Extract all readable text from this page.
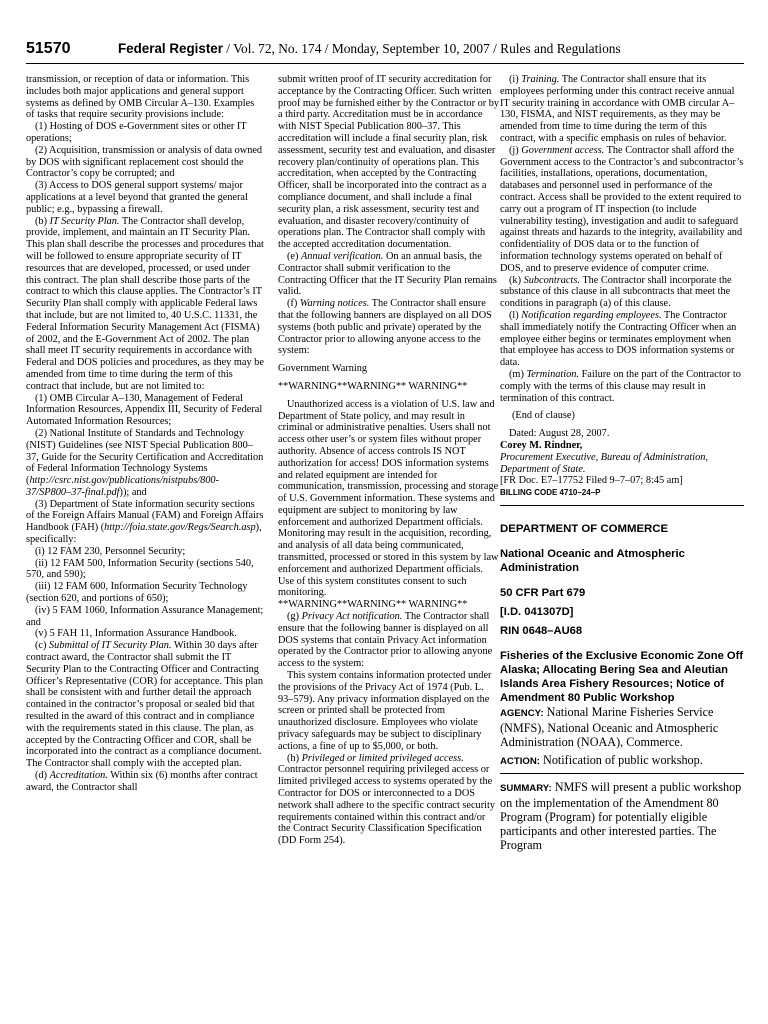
51570	Federal Register / Vol. 72, No. 174 / Monday, September 10, 2007 / Rules and Regulations

transmission, or reception of data or information. This includes both major applications and general support systems as defined by OMB Circular A–130. Examples of tasks that require security provisions include:

(1) Hosting of DOS e-Government sites or other IT operations;

(2) Acquisition, transmission or analysis of data owned by DOS with significant replacement cost should the Contractor’s copy be corrupted; and

(3) Access to DOS general support systems/ major applications at a level beyond that granted the general public; e.g., bypassing a firewall.

(b) IT Security Plan. The Contractor shall develop, provide, implement, and maintain an IT Security Plan. This plan shall describe the processes and procedures that will be followed to ensure appropriate security of IT resources that are developed, processed, or used under this contract. The plan shall describe those parts of the contract to which this clause applies. The Contractor’s IT Security Plan shall comply with applicable Federal laws that include, but are not limited to, 40 U.S.C. 11331, the Federal Information Security Management Act (FISMA) of 2002, and the E-Government Act of 2002. The plan shall meet IT security requirements in accordance with Federal and DOS policies and procedures, as they may be amended from time to time during the term of this contract that include, but are not limited to:

(1) OMB Circular A–130, Management of Federal Information Resources, Appendix III, Security of Federal Automated Information Resources;

(2) National Institute of Standards and Technology (NIST) Guidelines (see NIST Special Publication 800–37, Guide for the Security Certification and Accreditation of Federal Information Technology Systems (http://csrc.nist.gov/publications/nistpubs/800-37/SP800–37-final.pdf)); and

(3) Department of State information security sections of the Foreign Affairs Manual (FAM) and Foreign Affairs Handbook (FAH) (http://foia.state.gov/Regs/Search.asp), specifically:

(i) 12 FAM 230, Personnel Security;

(ii) 12 FAM 500, Information Security (sections 540, 570, and 590);

(iii) 12 FAM 600, Information Security Technology (section 620, and portions of 650);

(iv) 5 FAM 1060, Information Assurance Management; and

(v) 5 FAH 11, Information Assurance Handbook.

(c) Submittal of IT Security Plan. Within 30 days after contract award, the Contractor shall submit the IT Security Plan to the Contracting Officer and Contracting Officer’s Representative (COR) for acceptance. This plan shall be consistent with and further detail the approach contained in the contractor’s proposal or sealed bid that resulted in the award of this contract and in compliance with the requirements stated in this clause. The plan, as accepted by the Contracting Officer and COR, shall be incorporated into the contract as a compliance document. The Contractor shall comply with the accepted plan.

(d) Accreditation. Within six (6) months after contract award, the Contractor shall

submit written proof of IT security accreditation for acceptance by the Contracting Officer. Such written proof may be furnished either by the Contractor or by a third party. Accreditation must be in accordance with NIST Special Publication 800–37. This accreditation will include a final security plan, risk assessment, security test and evaluation, and disaster recovery plan/continuity of operations plan. This accreditation, when accepted by the Contracting Officer, shall be incorporated into the contract as a compliance document, and shall include a final security plan, a risk assessment, security test and evaluation, and disaster recovery/continuity of operations plan. The Contractor shall comply with the accepted accreditation documentation.

(e) Annual verification. On an annual basis, the Contractor shall submit verification to the Contracting Officer that the IT Security Plan remains valid.

(f) Warning notices. The Contractor shall ensure that the following banners are displayed on all DOS systems (both public and private) operated by the Contractor prior to allowing anyone access to the system:

Government Warning

**WARNING**WARNING** WARNING**

Unauthorized access is a violation of U.S. law and Department of State policy, and may result in criminal or administrative penalties. Users shall not access other user’s or system files without proper authority. Absence of access controls IS NOT authorization for access! DOS information systems and related equipment are intended for communication, transmission, processing and storage of U.S. Government information. These systems and equipment are subject to monitoring by law enforcement and authorized Department officials. Monitoring may result in the acquisition, recording, and analysis of all data being communicated, transmitted, processed or stored in this system by law enforcement and authorized Department officials. Use of this system constitutes consent to such monitoring.

**WARNING**WARNING** WARNING**

(g) Privacy Act notification. The Contractor shall ensure that the following banner is displayed on all DOS systems that contain Privacy Act information operated by the Contractor prior to allowing anyone access to the system:

This system contains information protected under the provisions of the Privacy Act of 1974 (Pub. L. 93–579). Any privacy information displayed on the screen or printed shall be protected from unauthorized disclosure. Employees who violate privacy safeguards may be subject to disciplinary actions, a fine of up to $5,000, or both.

(h) Privileged or limited privileged access. Contractor personnel requiring privileged access or limited privileged access to systems operated by the Contractor for DOS or interconnected to a DOS network shall adhere to the specific contract security requirements contained within this contract and/or the Contract Security Classification Specification (DD Form 254).

(i) Training. The Contractor shall ensure that its employees performing under this contract receive annual IT security training in accordance with OMB circular A–130, FISMA, and NIST requirements, as they may be amended from time to time during the term of this contract, with a specific emphasis on rules of behavior.

(j) Government access. The Contractor shall afford the Government access to the Contractor’s and subcontractor’s facilities, installations, operations, documentation, databases and personnel used in performance of the contract. Access shall be provided to the extent required to carry out a program of IT inspection (to include vulnerability testing), investigation and audit to safeguard against threats and hazards to the integrity, availability and confidentiality of DOS data or to the function of information technology systems operated on behalf of DOS, and to preserve evidence of computer crime.

(k) Subcontracts. The Contractor shall incorporate the substance of this clause in all subcontracts that meet the conditions in paragraph (a) of this clause.

(l) Notification regarding employees. The Contractor shall immediately notify the Contracting Officer when an employee either begins or terminates employment when that employee has access to DOS information systems or data.

(m) Termination. Failure on the part of the Contractor to comply with the terms of this clause may result in termination of this contract.

(End of clause)

Dated: August 28, 2007.

Corey M. Rindner,

Procurement Executive, Bureau of Administration, Department of State.

[FR Doc. E7–17752 Filed 9–7–07; 8:45 am]

BILLING CODE 4710–24–P

DEPARTMENT OF COMMERCE
National Oceanic and Atmospheric Administration
50 CFR Part 679
[I.D. 041307D]
RIN 0648–AU68
Fisheries of the Exclusive Economic Zone Off Alaska; Allocating Bering Sea and Aleutian Islands Area Fishery Resources; Notice of Amendment 80 Public Workshop

AGENCY: National Marine Fisheries Service (NMFS), National Oceanic and Atmospheric Administration (NOAA), Commerce.

ACTION: Notification of public workshop.

SUMMARY: NMFS will present a public workshop on the implementation of the Amendment 80 Program (Program) for potentially eligible participants and other interested parties. The Program
